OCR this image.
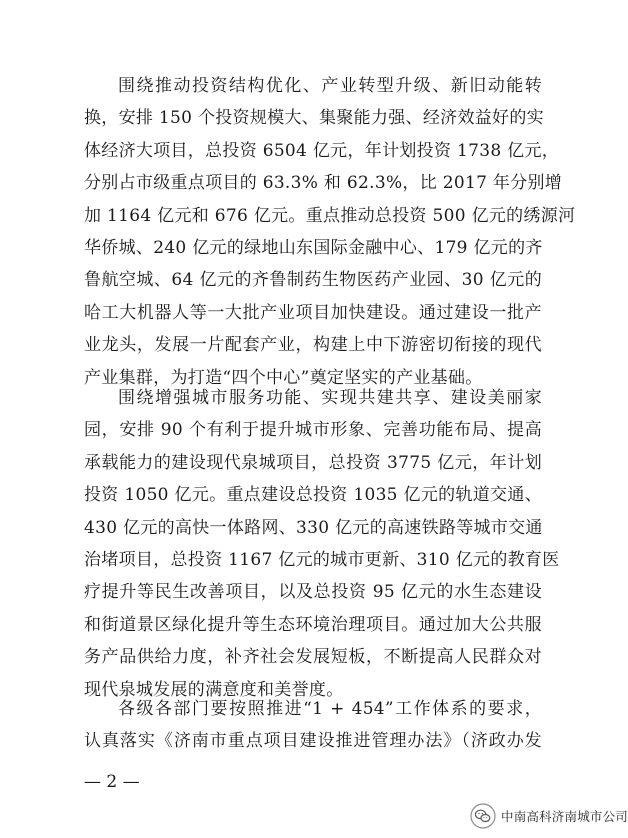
围绕推动投资结构优化、产业转型升级、新旧动能转
换，安排 150 个投资规模大、集聚能力强、经济效益好的实
体经济大项目，总投资 6504 亿元，年计划投资 1738 亿元，
分别占市级重点项目的 63.3% 和 62.3%，比 2017 年分别增
加 1164 亿元和 676 亿元。重点推动总投资 500 亿元的绣源河
华侨城、240 亿元的绿地山东国际金融中心、179 亿元的齐
鲁航空城、64 亿元的齐鲁制药生物医药产业园、30 亿元的
哈工大机器人等一大批产业项目加快建设。通过建设一批产
业龙头，发展一片配套产业，构建上中下游密切衔接的现代
产业集群，为打造“四个中心”奠定坚实的产业基础。
围绕增强城市服务功能、实现共建共享、建设美丽家
园，安排 90 个有利于提升城市形象、完善功能布局、提高
承载能力的建设现代泉城项目，总投资 3775 亿元，年计划
投资 1050 亿元。重点建设总投资 1035 亿元的轨道交通、
430 亿元的高快一体路网、330 亿元的高速铁路等城市交通
治堵项目，总投资 1167 亿元的城市更新、310 亿元的教育医
疗提升等民生改善项目，以及总投资 95 亿元的水生态建设
和街道景区绿化提升等生态环境治理项目。通过加大公共服
务产品供给力度，补齐社会发展短板，不断提高人民群众对
现代泉城发展的满意度和美誉度。
各级各部门要按照推进“1 + 454”工作体系的要求，
认真落实《济南市重点项目建设推进管理办法》（济政办发
— 2 —
中南高科济南城市公司
